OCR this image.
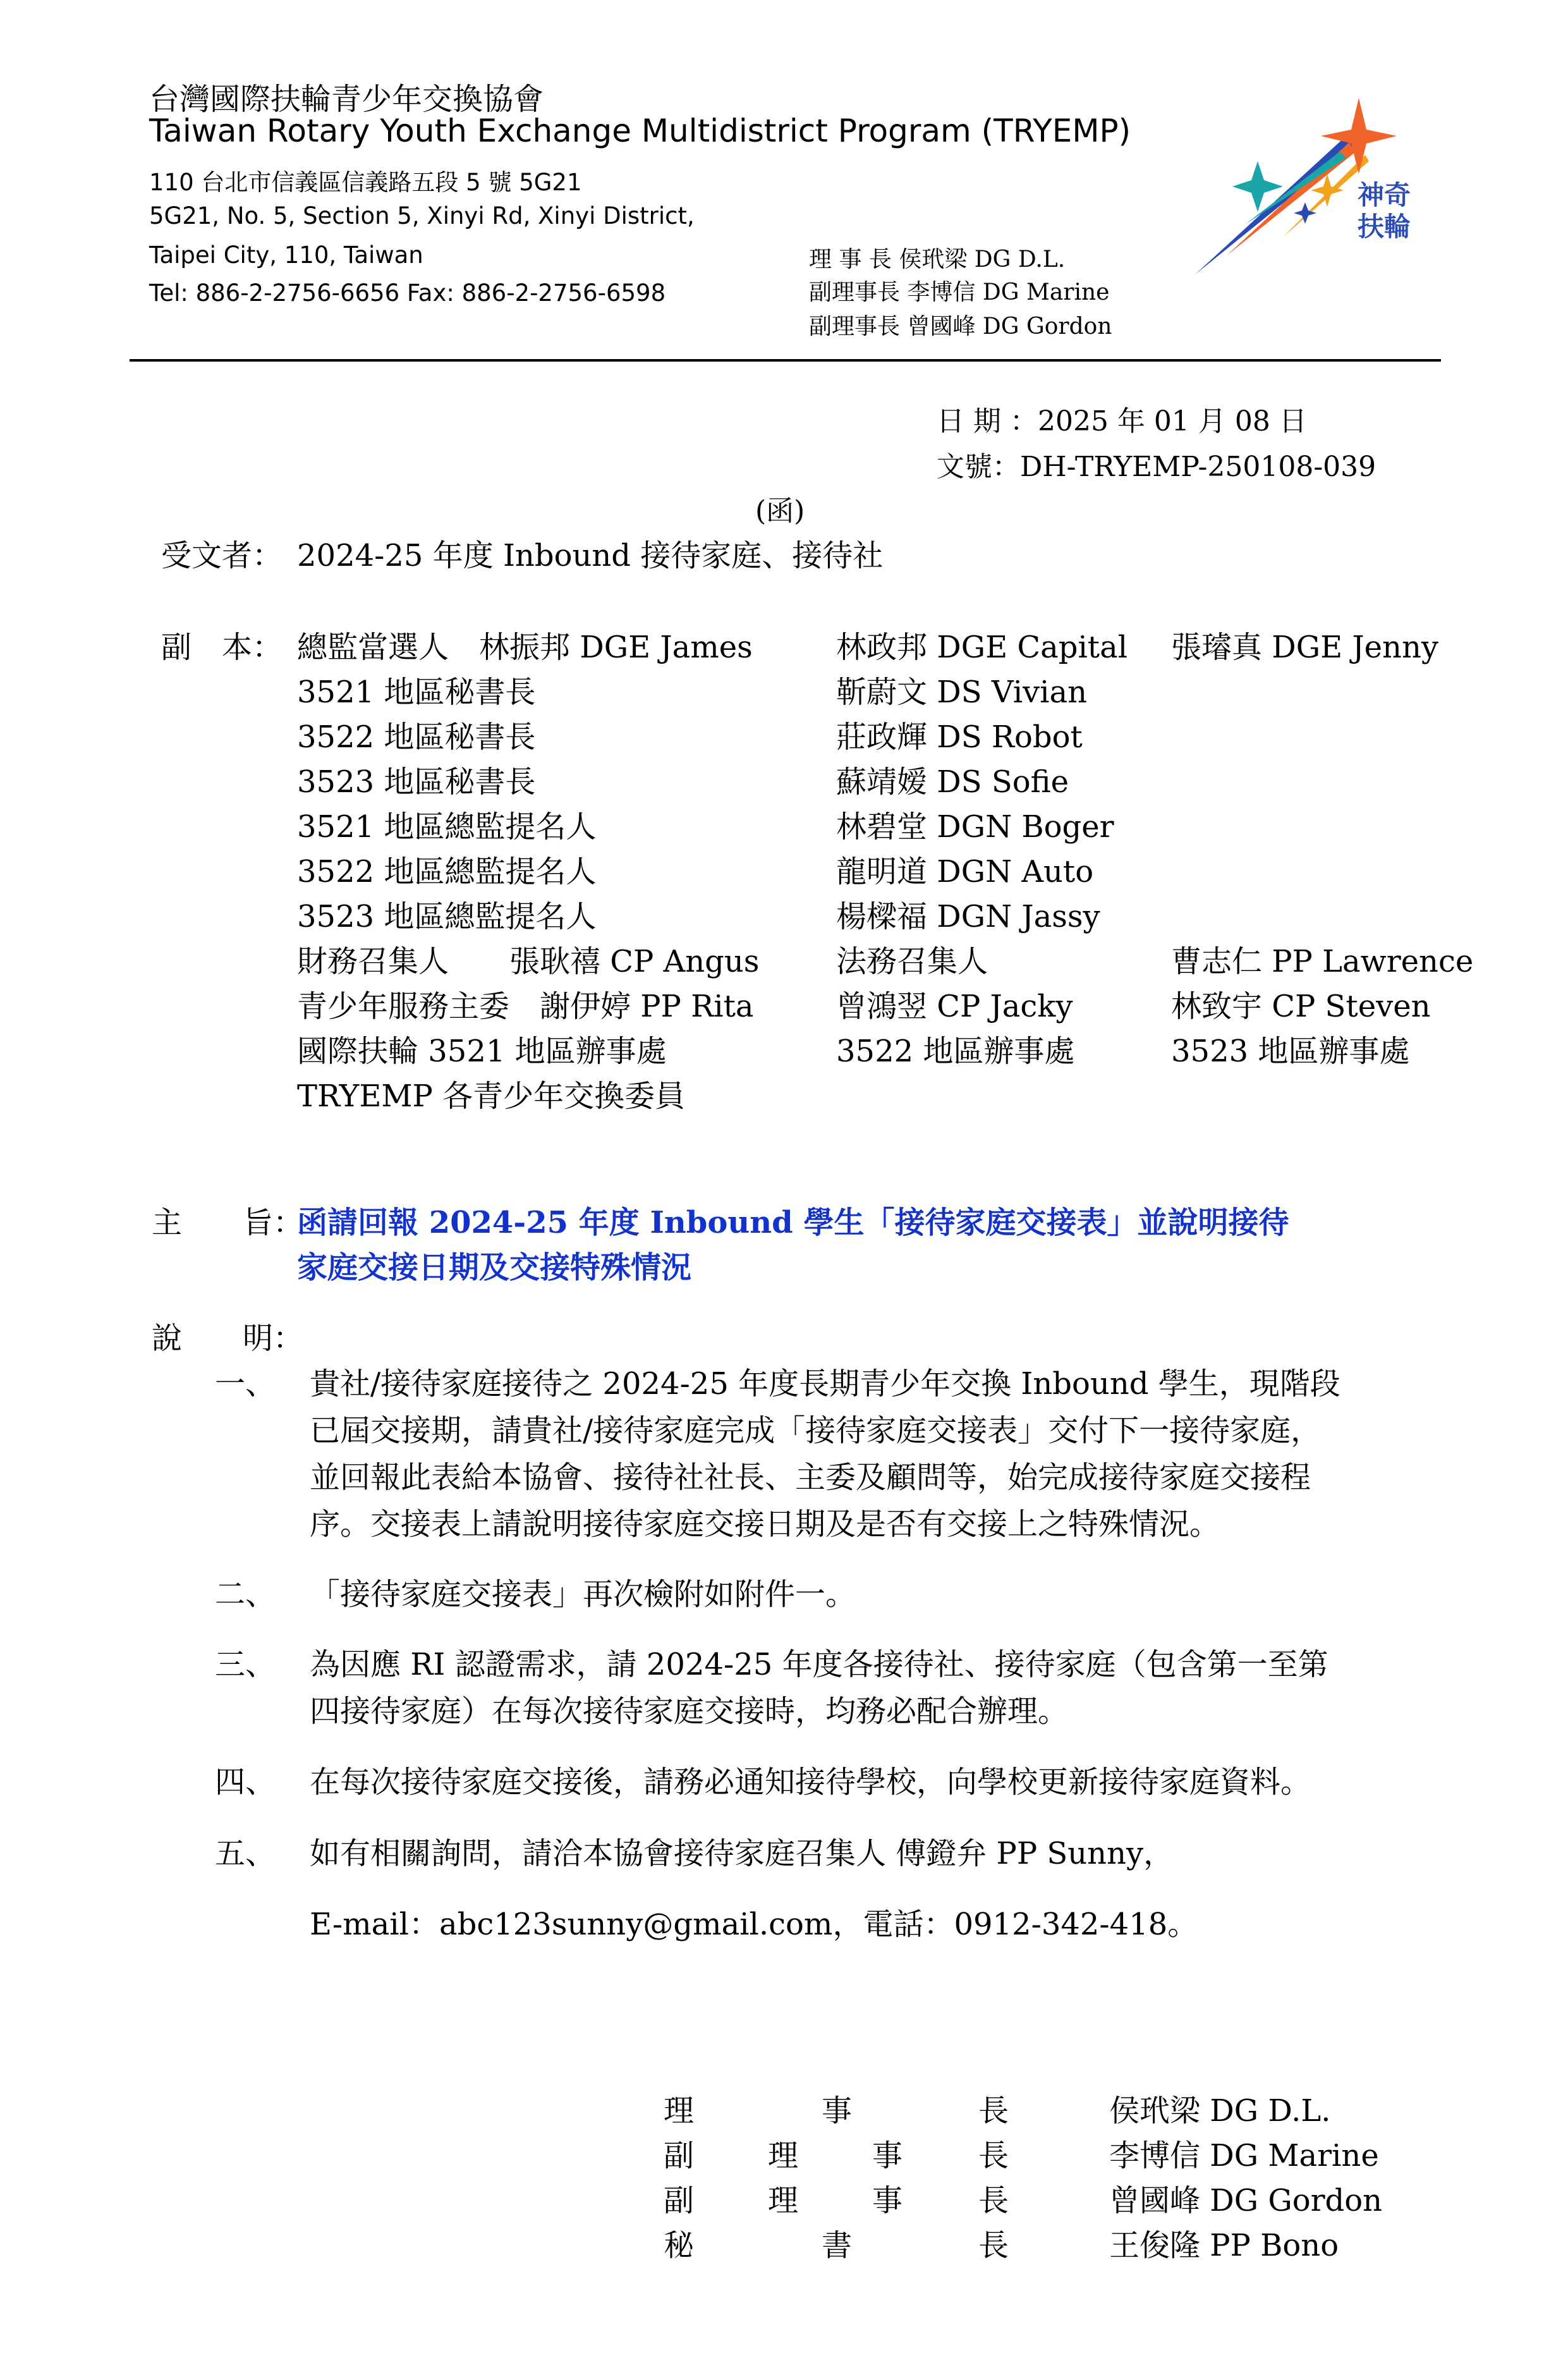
台灣國際扶輪青少年交換協會
Taiwan Rotary Youth Exchange Multidistrict Program (TRYEMP)
110 台北市信義區信義路五段 5 號 5G21
5G21, No. 5, Section 5, Xinyi Rd, Xinyi District,
Taipei City, 110, Taiwan
Tel: 886-2-2756-6656 Fax: 886-2-2756-6598
理 事 長 侯玳梁 DG D.L.
副理事長 李博信 DG Marine
副理事長 曾國峰 DG Gordon
神奇
扶輪
日 期 ：2025 年 01 月 08 日
文號：DH-TRYEMP-250108-039
(函)
受文者： 2024-25 年度 Inbound 接待家庭、接待社
副　本： 總監當選人　林振邦 DGE James	林政邦 DGE Capital 張璿真 DGE Jenny
3521 地區秘書長	靳蔚文 DS Vivian
3522 地區秘書長	莊政輝 DS Robot
3523 地區秘書長	蘇靖嫒 DS Sofie
3521 地區總監提名人	林碧堂 DGN Boger
3522 地區總監提名人	龍明道 DGN Auto
3523 地區總監提名人	楊樑福 DGN Jassy
財務召集人　　張耿禧 CP Angus	法務召集人	曹志仁 PP Lawrence
青少年服務主委　謝伊婷 PP Rita	曾鴻翌 CP Jacky	林致宇 CP Steven
國際扶輪 3521 地區辦事處	3522 地區辦事處	3523 地區辦事處
TRYEMP 各青少年交換委員
主　　旨：
函請回報 2024-25 年度 Inbound 學生「接待家庭交接表」並說明接待
家庭交接日期及交接特殊情況
說　　明：
一、 貴社/接待家庭接待之 2024-25 年度長期青少年交換 Inbound 學生，現階段
已屆交接期，請貴社/接待家庭完成「接待家庭交接表」交付下一接待家庭，
並回報此表給本協會、接待社社長、主委及顧問等，始完成接待家庭交接程
序。交接表上請說明接待家庭交接日期及是否有交接上之特殊情況。
二、 「接待家庭交接表」再次檢附如附件一。
三、 為因應 RI 認證需求，請 2024-25 年度各接待社、接待家庭（包含第一至第
四接待家庭）在每次接待家庭交接時，均務必配合辦理。
四、 在每次接待家庭交接後，請務必通知接待學校，向學校更新接待家庭資料。
五、 如有相關詢問，請洽本協會接待家庭召集人 傅鐙弁 PP Sunny，
E-mail：abc123sunny@gmail.com，電話：0912-342-418。
理	事	長	侯玳梁 DG D.L.
副 理 事 長	李博信 DG Marine
副 理 事 長	曾國峰 DG Gordon
秘	書	長	王俊隆 PP Bono
